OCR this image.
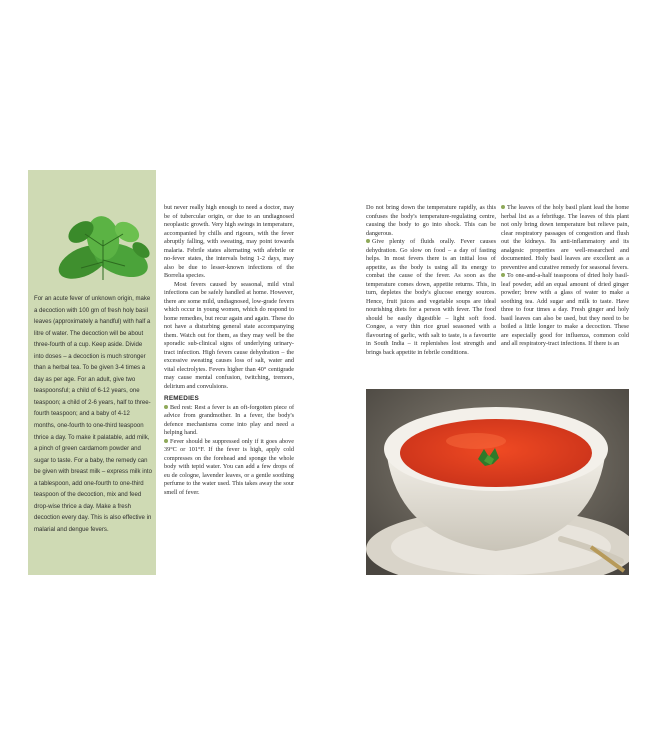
For an acute fever of unknown origin, make a decoction with 100 gm of fresh holy basil leaves (approximately a handful) with half a litre of water. The decoction will be about three-fourth of a cup. Keep aside. Divide into doses – a decoction is much stronger than a herbal tea. To be given 3-4 times a day as per age. For an adult, give two teaspoonsful; a child of 6-12 years, one teaspoon; a child of 2-6 years, half to three-fourth teaspoon; and a baby of 4-12 months, one-fourth to one-third teaspoon thrice a day. To make it palatable, add milk, a pinch of green cardamom powder and sugar to taste. For a baby, the remedy can be given with breast milk – express milk into a tablespoon, add one-fourth to one-third teaspoon of the decoction, mix and feed drop-wise thrice a day. Make a fresh decoction every day. This is also effective in malarial and dengue fevers.

but never really high enough to need a doctor, may be of tubercular origin, or due to an undiagnosed neoplastic growth. Very high swings in temperature, accompanied by chills and rigours, with the fever abruptly falling, with sweating, may point towards malaria. Febrile states alternating with afebrile or no-fever states, the intervals being 1-2 days, may also be due to lesser-known infections of the Borrelia species.

Most fevers caused by seasonal, mild viral infections can be safely handled at home. However, there are some mild, undiagnosed, low-grade fevers which occur in young women, which do respond to home remedies, but recur again and again. These do not have a disturbing general state accompanying them. Watch out for them, as they may well be the sporadic sub-clinical signs of underlying urinary-tract infection. High fevers cause dehydration – the excessive sweating causes loss of salt, water and vital electrolytes. Fevers higher than 40° centigrade may cause mental confusion, twitching, tremors, delirium and convulsions.

REMEDIES

Bed rest: Rest a fever is an oft-forgotten piece of advice from grandmother. In a fever, the body's defence mechanisms come into play and need a helping hand.

Fever should be suppressed only if it goes above 39°C or 101°F. If the fever is high, apply cold compresses on the forehead and sponge the whole body with tepid water. You can add a few drops of eu de cologne, lavender leaves, or a gentle soothing perfume to the water used. This takes away the sour smell of fever.

Do not bring down the temperature rapidly, as this confuses the body's temperature-regulating centre, causing the body to go into shock. This can be dangerous.

Give plenty of fluids orally. Fever causes dehydration. Go slow on food – a day of fasting helps. In most fevers there is an initial loss of appetite, as the body is using all its energy to combat the cause of the fever. As soon as the temperature comes down, appetite returns. This, in turn, depletes the body's glucose energy sources. Hence, fruit juices and vegetable soups are ideal nourishing diets for a person with fever. The food should be easily digestible – light soft food. Congee, a very thin rice gruel seasoned with a flavouring of garlic, with salt to taste, is a favourite in South India – it replenishes lost strength and brings back appetite in febrile conditions.

The leaves of the holy basil plant lead the home herbal list as a febrifuge. The leaves of this plant not only bring down temperature but relieve pain, clear respiratory passages of congestion and flush out the kidneys. Its anti-inflammatory and its analgesic properties are well-researched and documented. Holy basil leaves are excellent as a preventive and curative remedy for seasonal fevers.

To one-and-a-half teaspoons of dried holy basil-leaf powder, add an equal amount of dried ginger powder; brew with a glass of water to make a soothing tea. Add sugar and milk to taste. Have three to four times a day. Fresh ginger and holy basil leaves can also be used, but they need to be boiled a little longer to make a decoction. These are especially good for influenza, common cold and all respiratory-tract infections. If there is an
